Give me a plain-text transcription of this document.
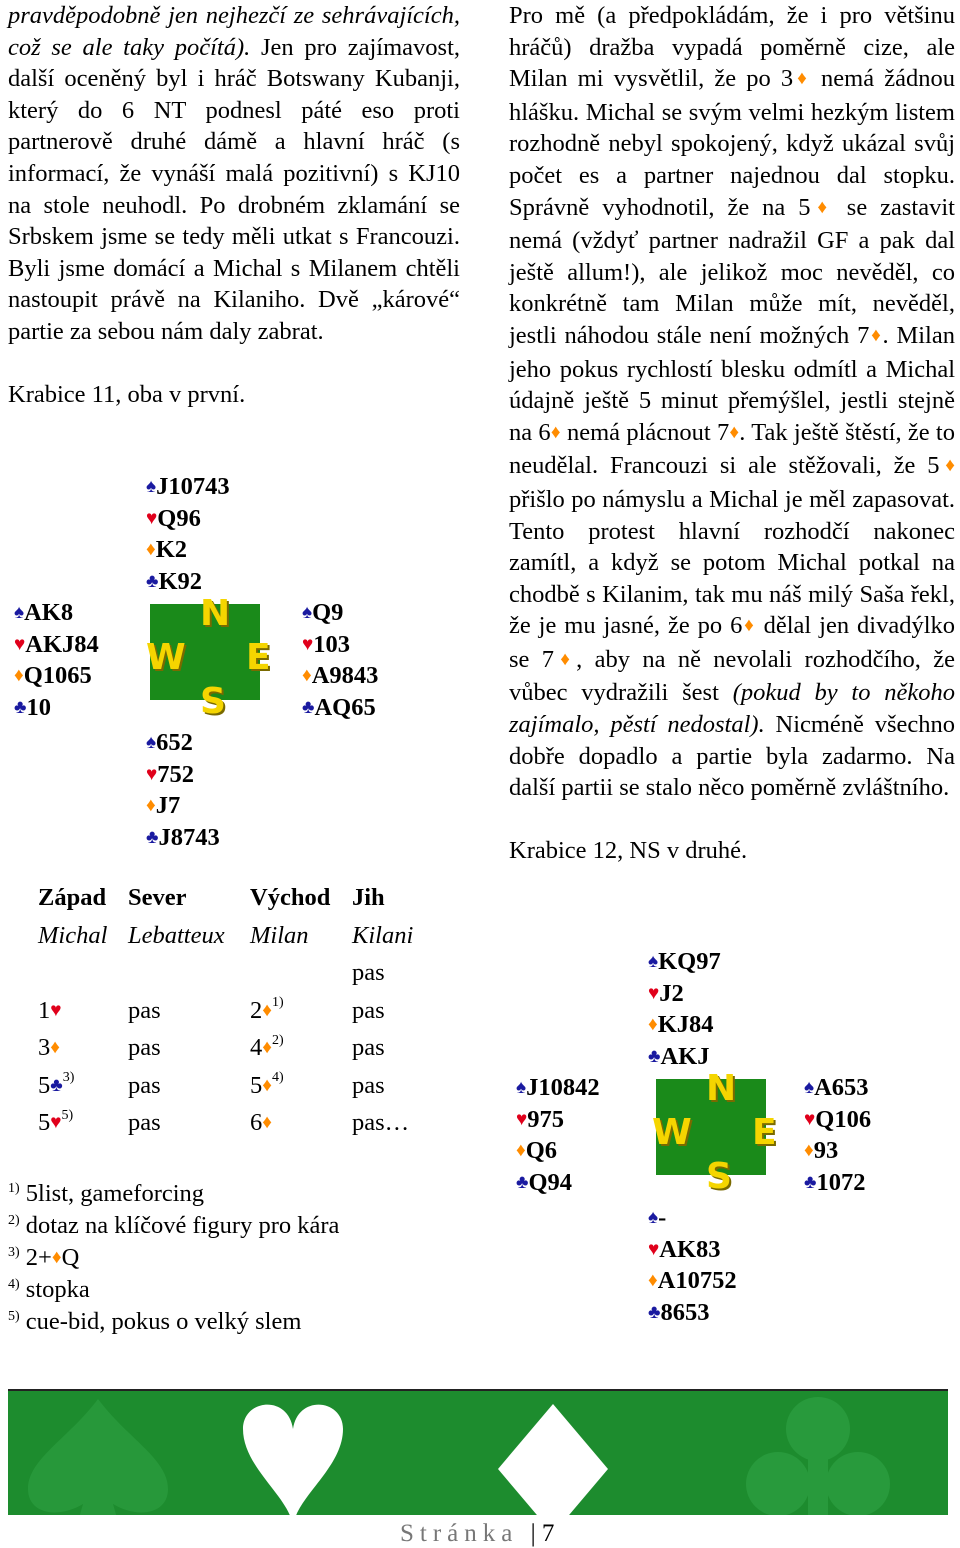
pravděpodobně jen nejhezčí ze sehrávajících, což se ale taky počítá). Jen pro zajímavost, další oceněný byl i hráč Botswany Kubanji, který do 6 NT podnesl páté eso proti partnerově druhé dámě a hlavní hráč (s informací, že vynáší malá pozitivní) s KJ10 na stole neuhodl. Po drobném zklamání se Srbskem jsme se tedy měli utkat s Francouzi. Byli jsme domácí a Michal s Milanem chtěli nastoupit právě na Kilaniho. Dvě „kárové“ partie za sebou nám daly zabrat.

Krabice 11, oba v první.

♠J10743
♥Q96
♦K2
♣K92
♠AK8
♥AKJ84
♦Q1065
♣10
N
S
W E
♠Q9
♥103
♦A9843
♣AQ65
♠652
♥752
♦J7
♣J8743
Západ	Sever	Východ	Jih
Michal	Lebatteux	Milan	Kilani
			pas
1♥	pas	2♦$^{1)}$	pas
3♦	pas	4♦$^{2)}$	pas
5♣$^{3)}$	pas	5♦$^{4)}$	pas
5♥$^{5)}$	pas	6♦	pas…
$^{1)}$ 5list, gameforcing
$^{2)}$ dotaz na klíčové figury pro kára
$^{3)}$ 2+♦Q
$^{4)}$ stopka
$^{5)}$ cue-bid, pokus o velký slem

Pro mě (a předpokládám, že i pro většinu hráčů) dražba vypadá poměrně cize, ale Milan mi vysvětlil, že po 3♦ nemá žádnou hlášku. Michal se svým velmi hezkým listem rozhodně nebyl spokojený, když ukázal svůj počet es a partner najednou dal stopku. Správně vyhodnotil, že na 5♦ se zastavit nemá (vždyť partner nadražil GF a pak dal ještě allum!), ale jelikož moc nevěděl, co konkrétně tam Milan může mít, nevěděl, jestli náhodou stále není možných 7♦. Milan jeho pokus rychlostí blesku odmítl a Michal údajně ještě 5 minut přemýšlel, jestli stejně na 6♦ nemá plácnout 7♦. Tak ještě štěstí, že to neudělal. Francouzi si ale stěžovali, že 5♦ přišlo po námyslu a Michal je měl zapasovat. Tento protest hlavní rozhodčí nakonec zamítl, a když se potom Michal potkal na chodbě s Kilanim, tak mu náš milý Saša řekl, že je mu jasné, že po 6♦ dělal jen divadýlko se 7♦, aby na ně nevolali rozhodčího, že vůbec vydražili šest (pokud by to někoho zajímalo, pěstí nedostal). Nicméně všechno dobře dopadlo a partie byla zadarmo. Na další partii se stalo něco poměrně zvláštního.

Krabice 12, NS v druhé.

♠KQ97
♥J2
♦KJ84
♣AKJ
♠J10842
♥975
♦Q6
♣Q94
N
S
W E
♠A653
♥Q106
♦93
♣1072
♠-
♥AK83
♦A10752
♣8653
Stránka | 7
